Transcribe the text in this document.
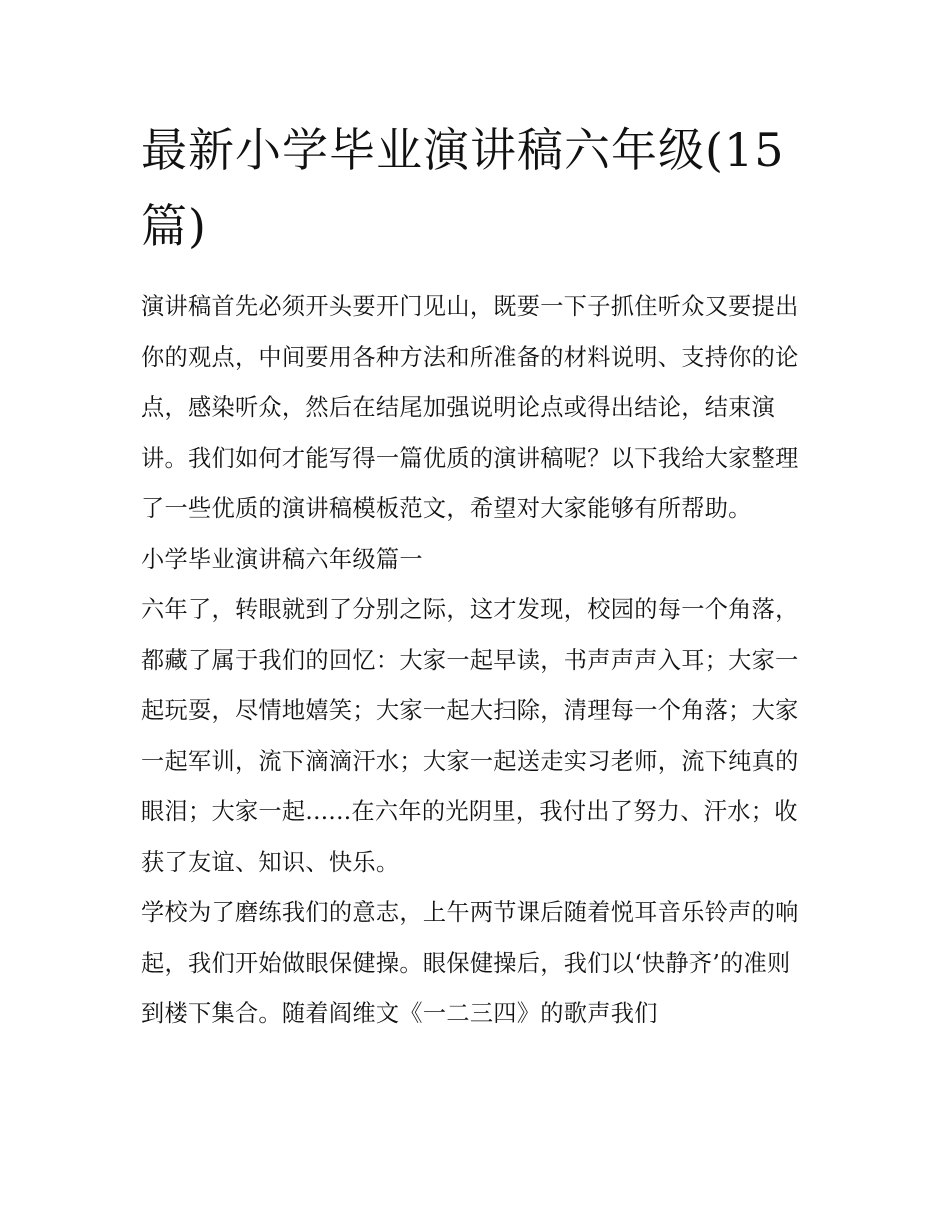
最新小学毕业演讲稿六年级(15篇)

演讲稿首先必须开头要开门见山，既要一下子抓住听众又要提出你的观点，中间要用各种方法和所准备的材料说明、支持你的论点，感染听众，然后在结尾加强说明论点或得出结论，结束演讲。我们如何才能写得一篇优质的演讲稿呢？以下我给大家整理了一些优质的演讲稿模板范文，希望对大家能够有所帮助。

小学毕业演讲稿六年级篇一

六年了，转眼就到了分别之际，这才发现，校园的每一个角落，都藏了属于我们的回忆：大家一起早读，书声声声入耳；大家一起玩耍，尽情地嬉笑；大家一起大扫除，清理每一个角落；大家一起军训，流下滴滴汗水；大家一起送走实习老师，流下纯真的眼泪；大家一起......在六年的光阴里，我付出了努力、汗水；收获了友谊、知识、快乐。

学校为了磨练我们的意志，上午两节课后随着悦耳音乐铃声的响起，我们开始做眼保健操。眼保健操后，我们以‘快静齐’的准则到楼下集合。随着阎维文《一二三四》的歌声我们
